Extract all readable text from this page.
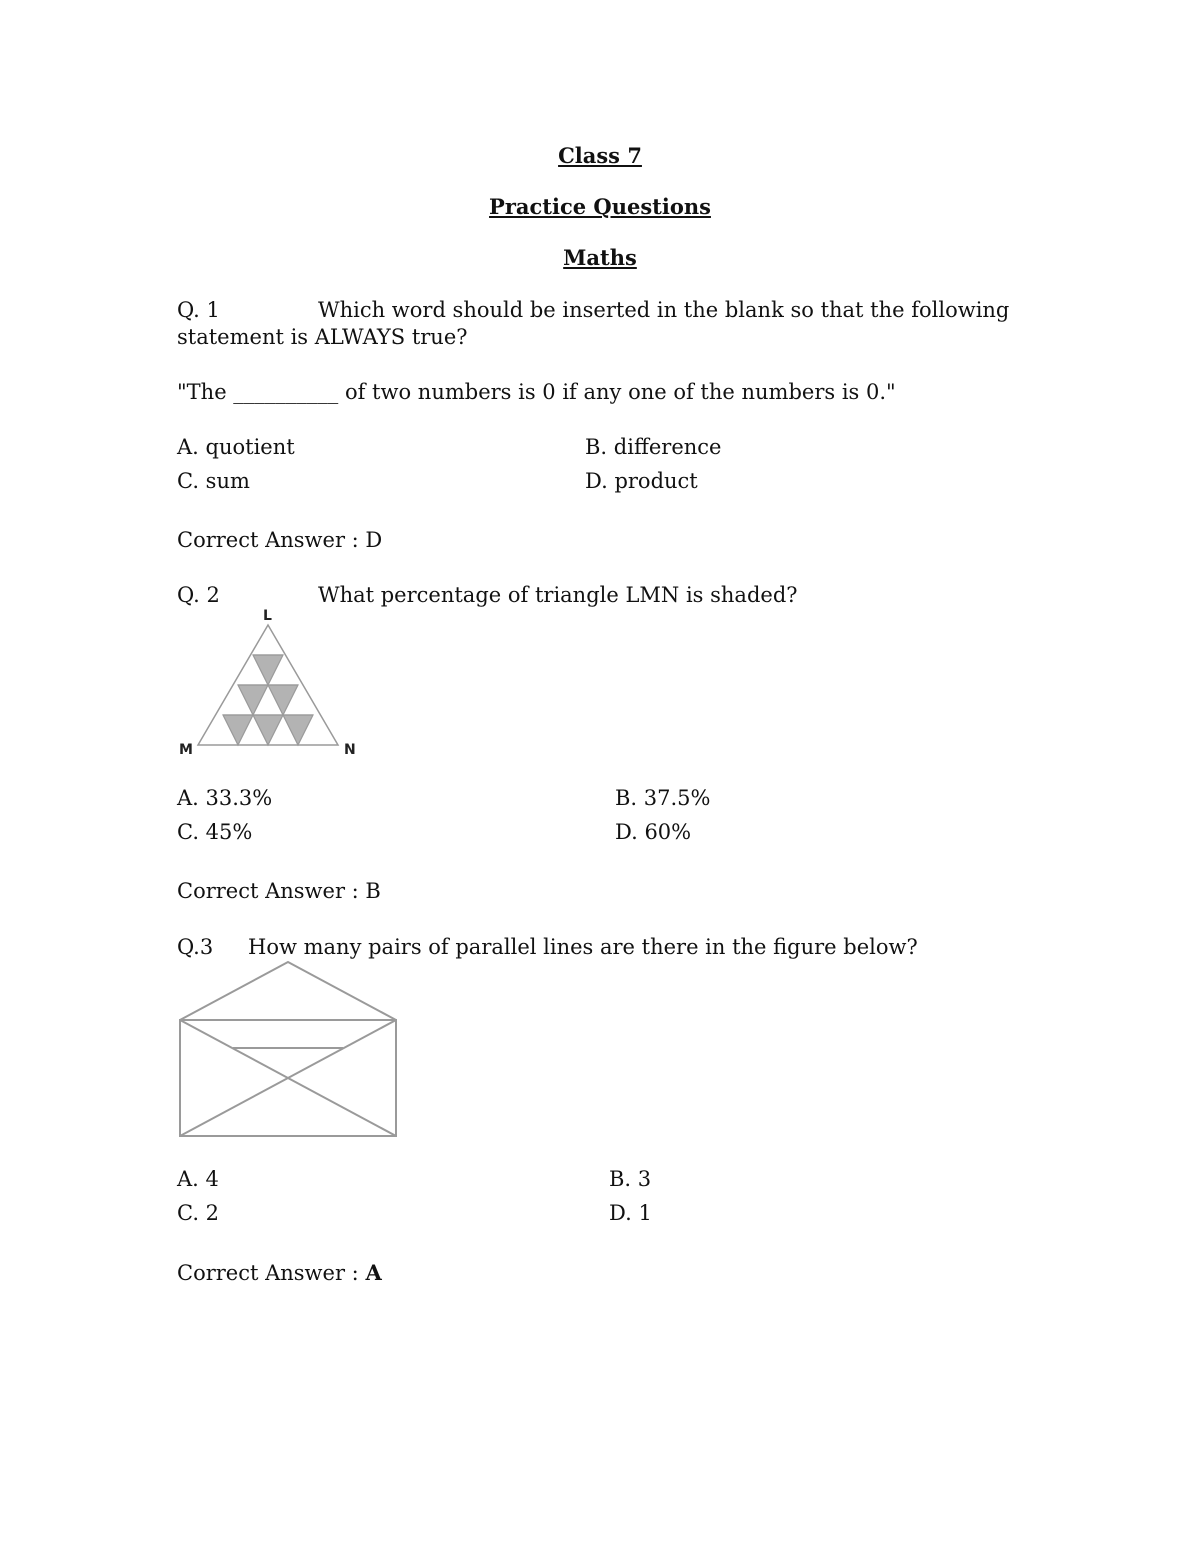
Class 7
Practice Questions
Maths
Q. 1	Which word should be inserted in the blank so that the following
statement is ALWAYS true?
"The __________ of two numbers is 0 if any one of the numbers is 0."
A. quotient	B. difference
C. sum	D. product
Correct Answer : D
Q. 2	What percentage of triangle LMN is shaded?
L
M	N
A. 33.3%	B. 37.5%
C. 45%	D. 60%
Correct Answer : B
Q.3 How many pairs of parallel lines are there in the figure below?
A. 4	B. 3
C. 2	D. 1
Correct Answer : A
